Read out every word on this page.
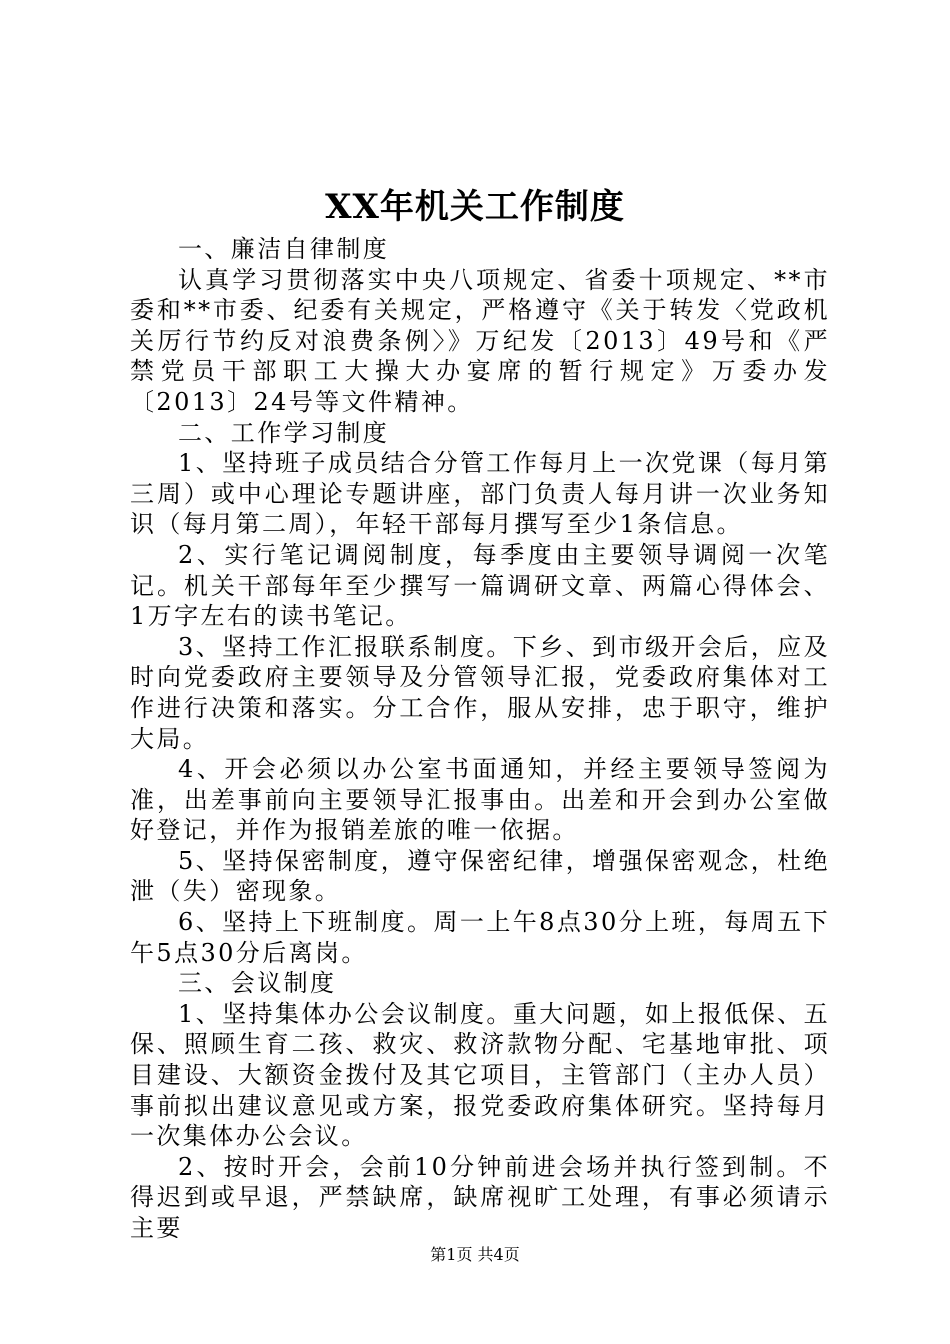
XX年机关工作制度

一、廉洁自律制度

认真学习贯彻落实中央八项规定、省委十项规定、**市委和**市委、纪委有关规定，严格遵守《关于转发〈党政机关厉行节约反对浪费条例〉》万纪发〔2013〕49号和《严禁党员干部职工大操大办宴席的暂行规定》万委办发〔2013〕24号等文件精神。

二、工作学习制度

1、坚持班子成员结合分管工作每月上一次党课（每月第三周）或中心理论专题讲座，部门负责人每月讲一次业务知识（每月第二周），年轻干部每月撰写至少1条信息。

2、实行笔记调阅制度，每季度由主要领导调阅一次笔记。机关干部每年至少撰写一篇调研文章、两篇心得体会、1万字左右的读书笔记。

3、坚持工作汇报联系制度。下乡、到市级开会后，应及时向党委政府主要领导及分管领导汇报，党委政府集体对工作进行决策和落实。分工合作，服从安排，忠于职守，维护大局。

4、开会必须以办公室书面通知，并经主要领导签阅为准，出差事前向主要领导汇报事由。出差和开会到办公室做好登记，并作为报销差旅的唯一依据。

5、坚持保密制度，遵守保密纪律，增强保密观念，杜绝泄（失）密现象。

6、坚持上下班制度。周一上午8点30分上班，每周五下午5点30分后离岗。

三、会议制度

1、坚持集体办公会议制度。重大问题，如上报低保、五保、照顾生育二孩、救灾、救济款物分配、宅基地审批、项目建设、大额资金拨付及其它项目，主管部门（主办人员）事前拟出建议意见或方案，报党委政府集体研究。坚持每月一次集体办公会议。

2、按时开会，会前10分钟前进会场并执行签到制。不得迟到或早退，严禁缺席，缺席视旷工处理，有事必须请示主要

第1页 共4页
